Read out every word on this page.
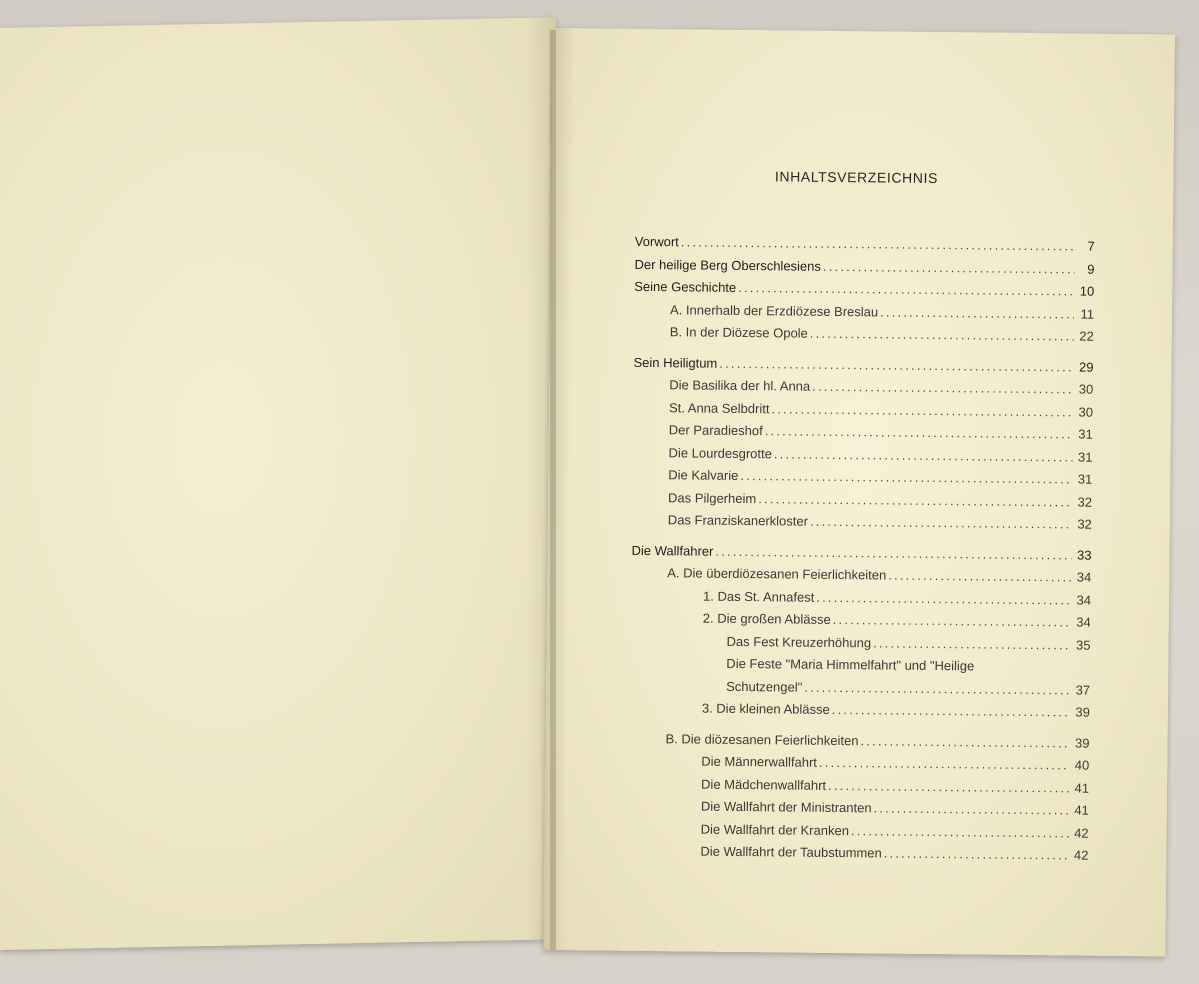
INHALTSVERZEICHNIS
Vorwort .....	7
Der heilige Berg Oberschlesiens .....	9
Seine Geschichte .....	10
A. Innerhalb der Erzdiözese Breslau .....	11
B. In der Diözese Opole .....	22
Sein Heiligtum .....	29
Die Basilika der hl. Anna .....	30
St. Anna Selbdritt .....	30
Der Paradieshof .....	31
Die Lourdesgrotte .....	31
Die Kalvarie .....	31
Das Pilgerheim .....	32
Das Franziskanerkloster .....	32
Die Wallfahrer .....	33
A. Die überdiözesanen Feierlichkeiten .....	34
1. Das St. Annafest .....	34
2. Die großen Ablässe .....	34
Das Fest Kreuzerhöhung .....	35
Die Feste "Maria Himmelfahrt" und "Heilige
Schutzengel" .....	37
3. Die kleinen Ablässe .....	39
B. Die diözesanen Feierlichkeiten .....	39
Die Männerwallfahrt .....	40
Die Mädchenwallfahrt .....	41
Die Wallfahrt der Ministranten .....	41
Die Wallfahrt der Kranken .....	42
Die Wallfahrt der Taubstummen .....	42
